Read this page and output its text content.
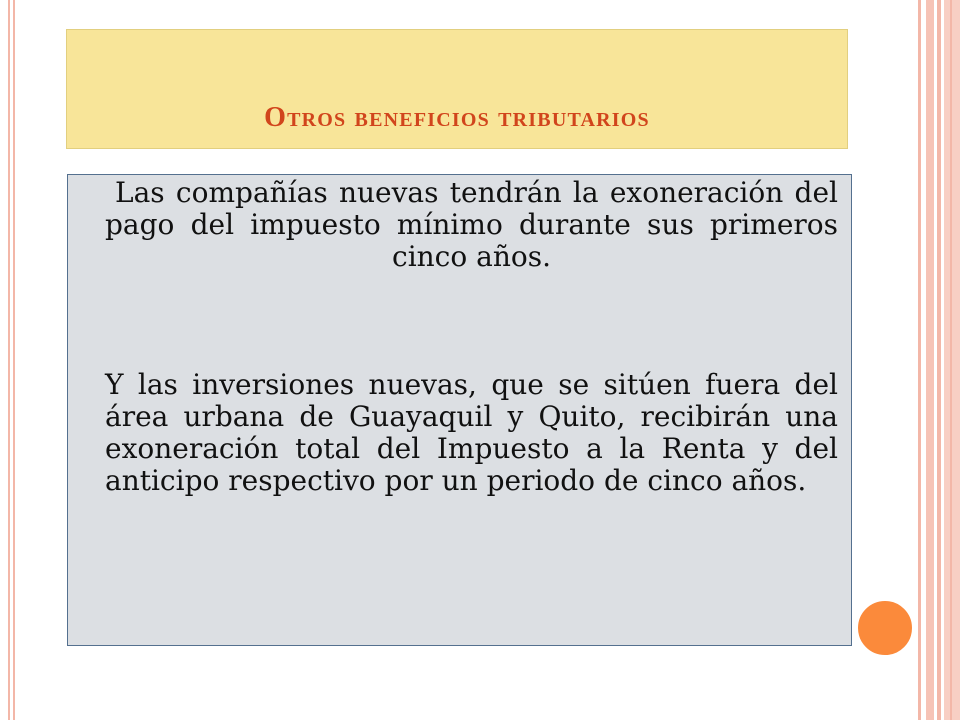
Otros beneficios tributarios

Las compañías nuevas tendrán la exoneración del pago del impuesto mínimo durante sus primeros cinco años.

Y las inversiones nuevas, que se sitúen fuera del área urbana de Guayaquil y Quito, recibirán una exoneración total del Impuesto a la Renta y del anticipo respectivo por un periodo de cinco años.
